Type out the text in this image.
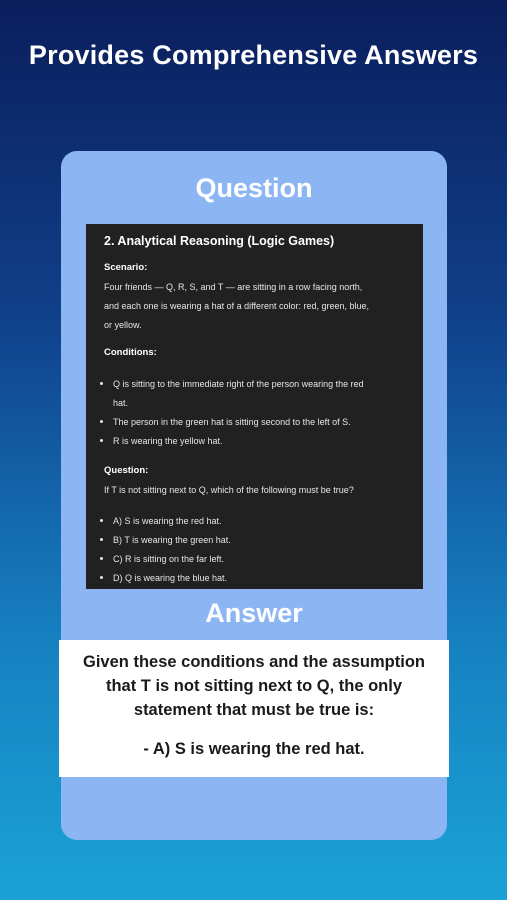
Provides Comprehensive Answers
Question
2. Analytical Reasoning (Logic Games)
Scenario:
Four friends — Q, R, S, and T — are sitting in a row facing north,
and each one is wearing a hat of a different color: red, green, blue,
or yellow.
Conditions:
Q is sitting to the immediate right of the person wearing the red
hat.
The person in the green hat is sitting second to the left of S.
R is wearing the yellow hat.
Question:
If T is not sitting next to Q, which of the following must be true?
A) S is wearing the red hat.
B) T is wearing the green hat.
C) R is sitting on the far left.
D) Q is wearing the blue hat.
Answer
Given these conditions and the assumption
that T is not sitting next to Q, the only
statement that must be true is:
- A) S is wearing the red hat.
